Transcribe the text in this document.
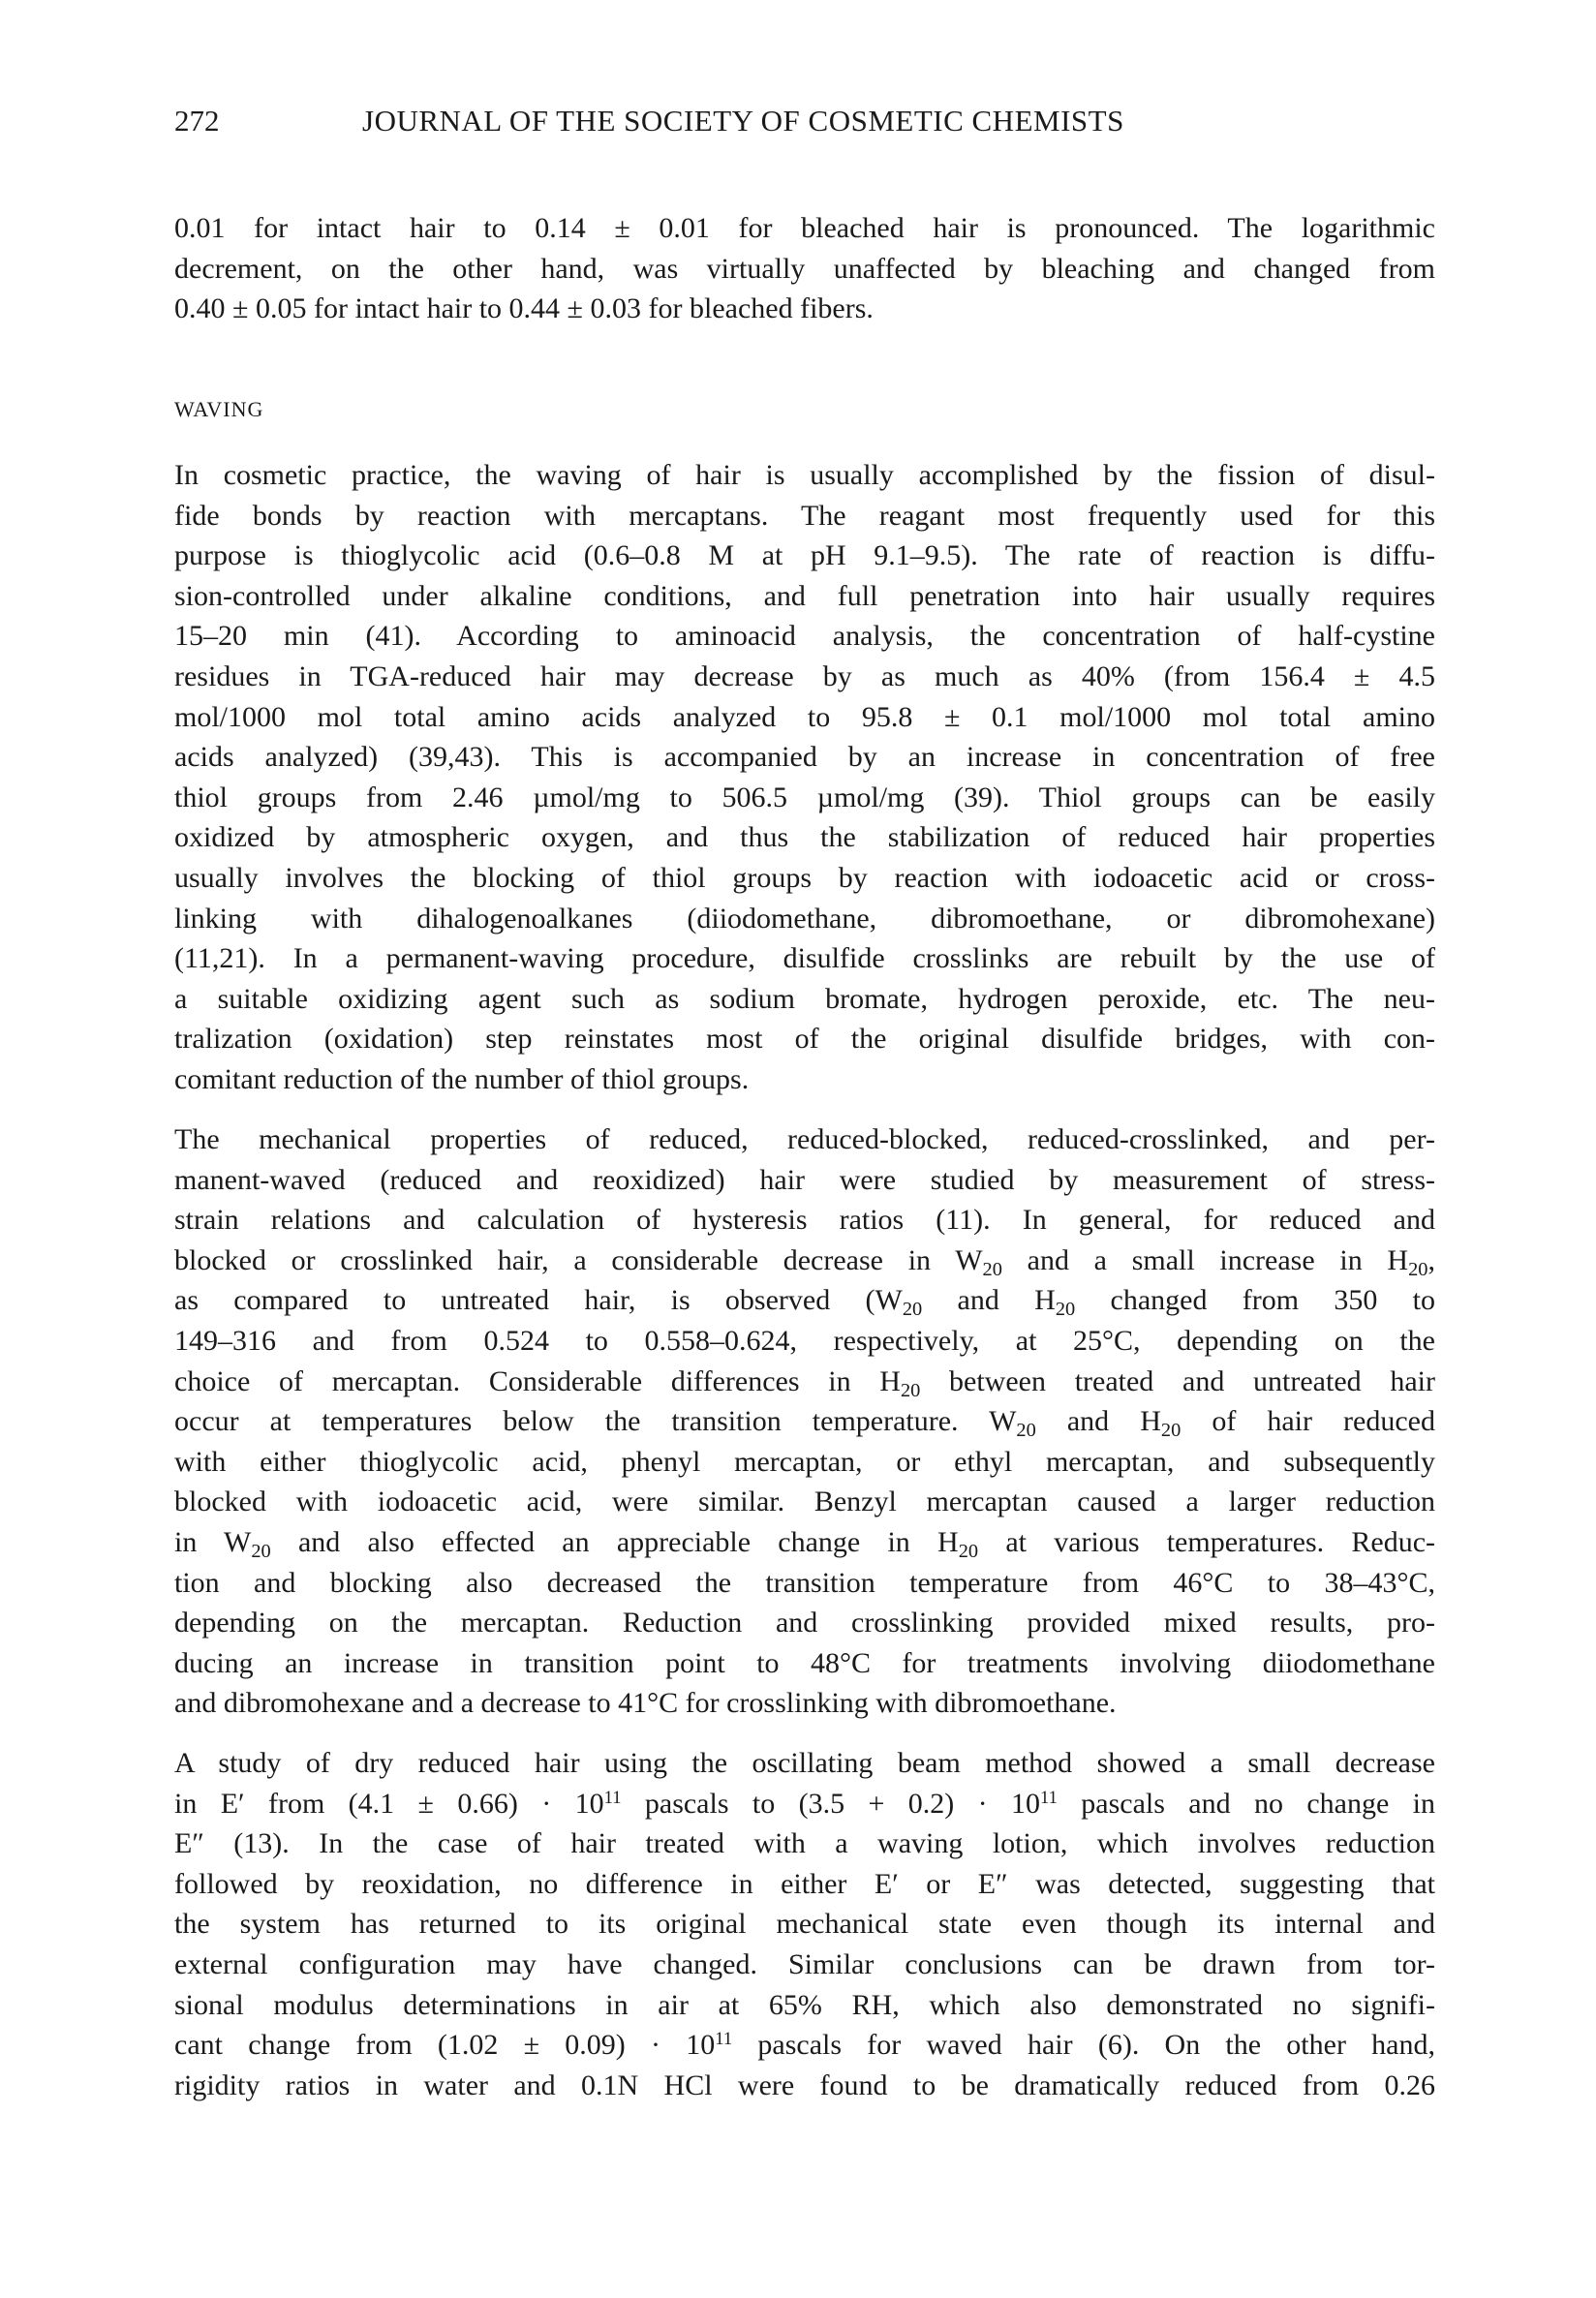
272	JOURNAL OF THE SOCIETY OF COSMETIC CHEMISTS
0.01 for intact hair to 0.14 ± 0.01 for bleached hair is pronounced. The logarithmic
decrement, on the other hand, was virtually unaffected by bleaching and changed from
0.40 ± 0.05 for intact hair to 0.44 ± 0.03 for bleached fibers.
WAVING
In cosmetic practice, the waving of hair is usually accomplished by the fission of disul-
fide bonds by reaction with mercaptans. The reagant most frequently used for this
purpose is thioglycolic acid (0.6–0.8 M at pH 9.1–9.5). The rate of reaction is diffu-
sion-controlled under alkaline conditions, and full penetration into hair usually requires
15–20 min (41). According to aminoacid analysis, the concentration of half-cystine
residues in TGA-reduced hair may decrease by as much as 40% (from 156.4 ± 4.5
mol/1000 mol total amino acids analyzed to 95.8 ± 0.1 mol/1000 mol total amino
acids analyzed) (39,43). This is accompanied by an increase in concentration of free
thiol groups from 2.46 µmol/mg to 506.5 µmol/mg (39). Thiol groups can be easily
oxidized by atmospheric oxygen, and thus the stabilization of reduced hair properties
usually involves the blocking of thiol groups by reaction with iodoacetic acid or cross-
linking with dihalogenoalkanes (diiodomethane, dibromoethane, or dibromohexane)
(11,21). In a permanent-waving procedure, disulfide crosslinks are rebuilt by the use of
a suitable oxidizing agent such as sodium bromate, hydrogen peroxide, etc. The neu-
tralization (oxidation) step reinstates most of the original disulfide bridges, with con-
comitant reduction of the number of thiol groups.
The mechanical properties of reduced, reduced-blocked, reduced-crosslinked, and per-
manent-waved (reduced and reoxidized) hair were studied by measurement of stress-
strain relations and calculation of hysteresis ratios (11). In general, for reduced and
blocked or crosslinked hair, a considerable decrease in $W_{20}$ and a small increase in $H_{20}$,
as compared to untreated hair, is observed ($W_{20}$ and $H_{20}$ changed from 350 to
149–316 and from 0.524 to 0.558–0.624, respectively, at 25°C, depending on the
choice of mercaptan. Considerable differences in $H_{20}$ between treated and untreated hair
occur at temperatures below the transition temperature. $W_{20}$ and $H_{20}$ of hair reduced
with either thioglycolic acid, phenyl mercaptan, or ethyl mercaptan, and subsequently
blocked with iodoacetic acid, were similar. Benzyl mercaptan caused a larger reduction
in $W_{20}$ and also effected an appreciable change in $H_{20}$ at various temperatures. Reduc-
tion and blocking also decreased the transition temperature from 46°C to 38–43°C,
depending on the mercaptan. Reduction and crosslinking provided mixed results, pro-
ducing an increase in transition point to 48°C for treatments involving diiodomethane
and dibromohexane and a decrease to 41°C for crosslinking with dibromoethane.
A study of dry reduced hair using the oscillating beam method showed a small decrease
in E′ from $(4.1 \pm 0.66) \cdot 10^{11}$ pascals to $(3.5 + 0.2) \cdot 10^{11}$ pascals and no change in
E″ (13). In the case of hair treated with a waving lotion, which involves reduction
followed by reoxidation, no difference in either E′ or E″ was detected, suggesting that
the system has returned to its original mechanical state even though its internal and
external configuration may have changed. Similar conclusions can be drawn from tor-
sional modulus determinations in air at 65% RH, which also demonstrated no signifi-
cant change from $(1.02 \pm 0.09) \cdot 10^{11}$ pascals for waved hair (6). On the other hand,
rigidity ratios in water and 0.1N HCl were found to be dramatically reduced from 0.26
